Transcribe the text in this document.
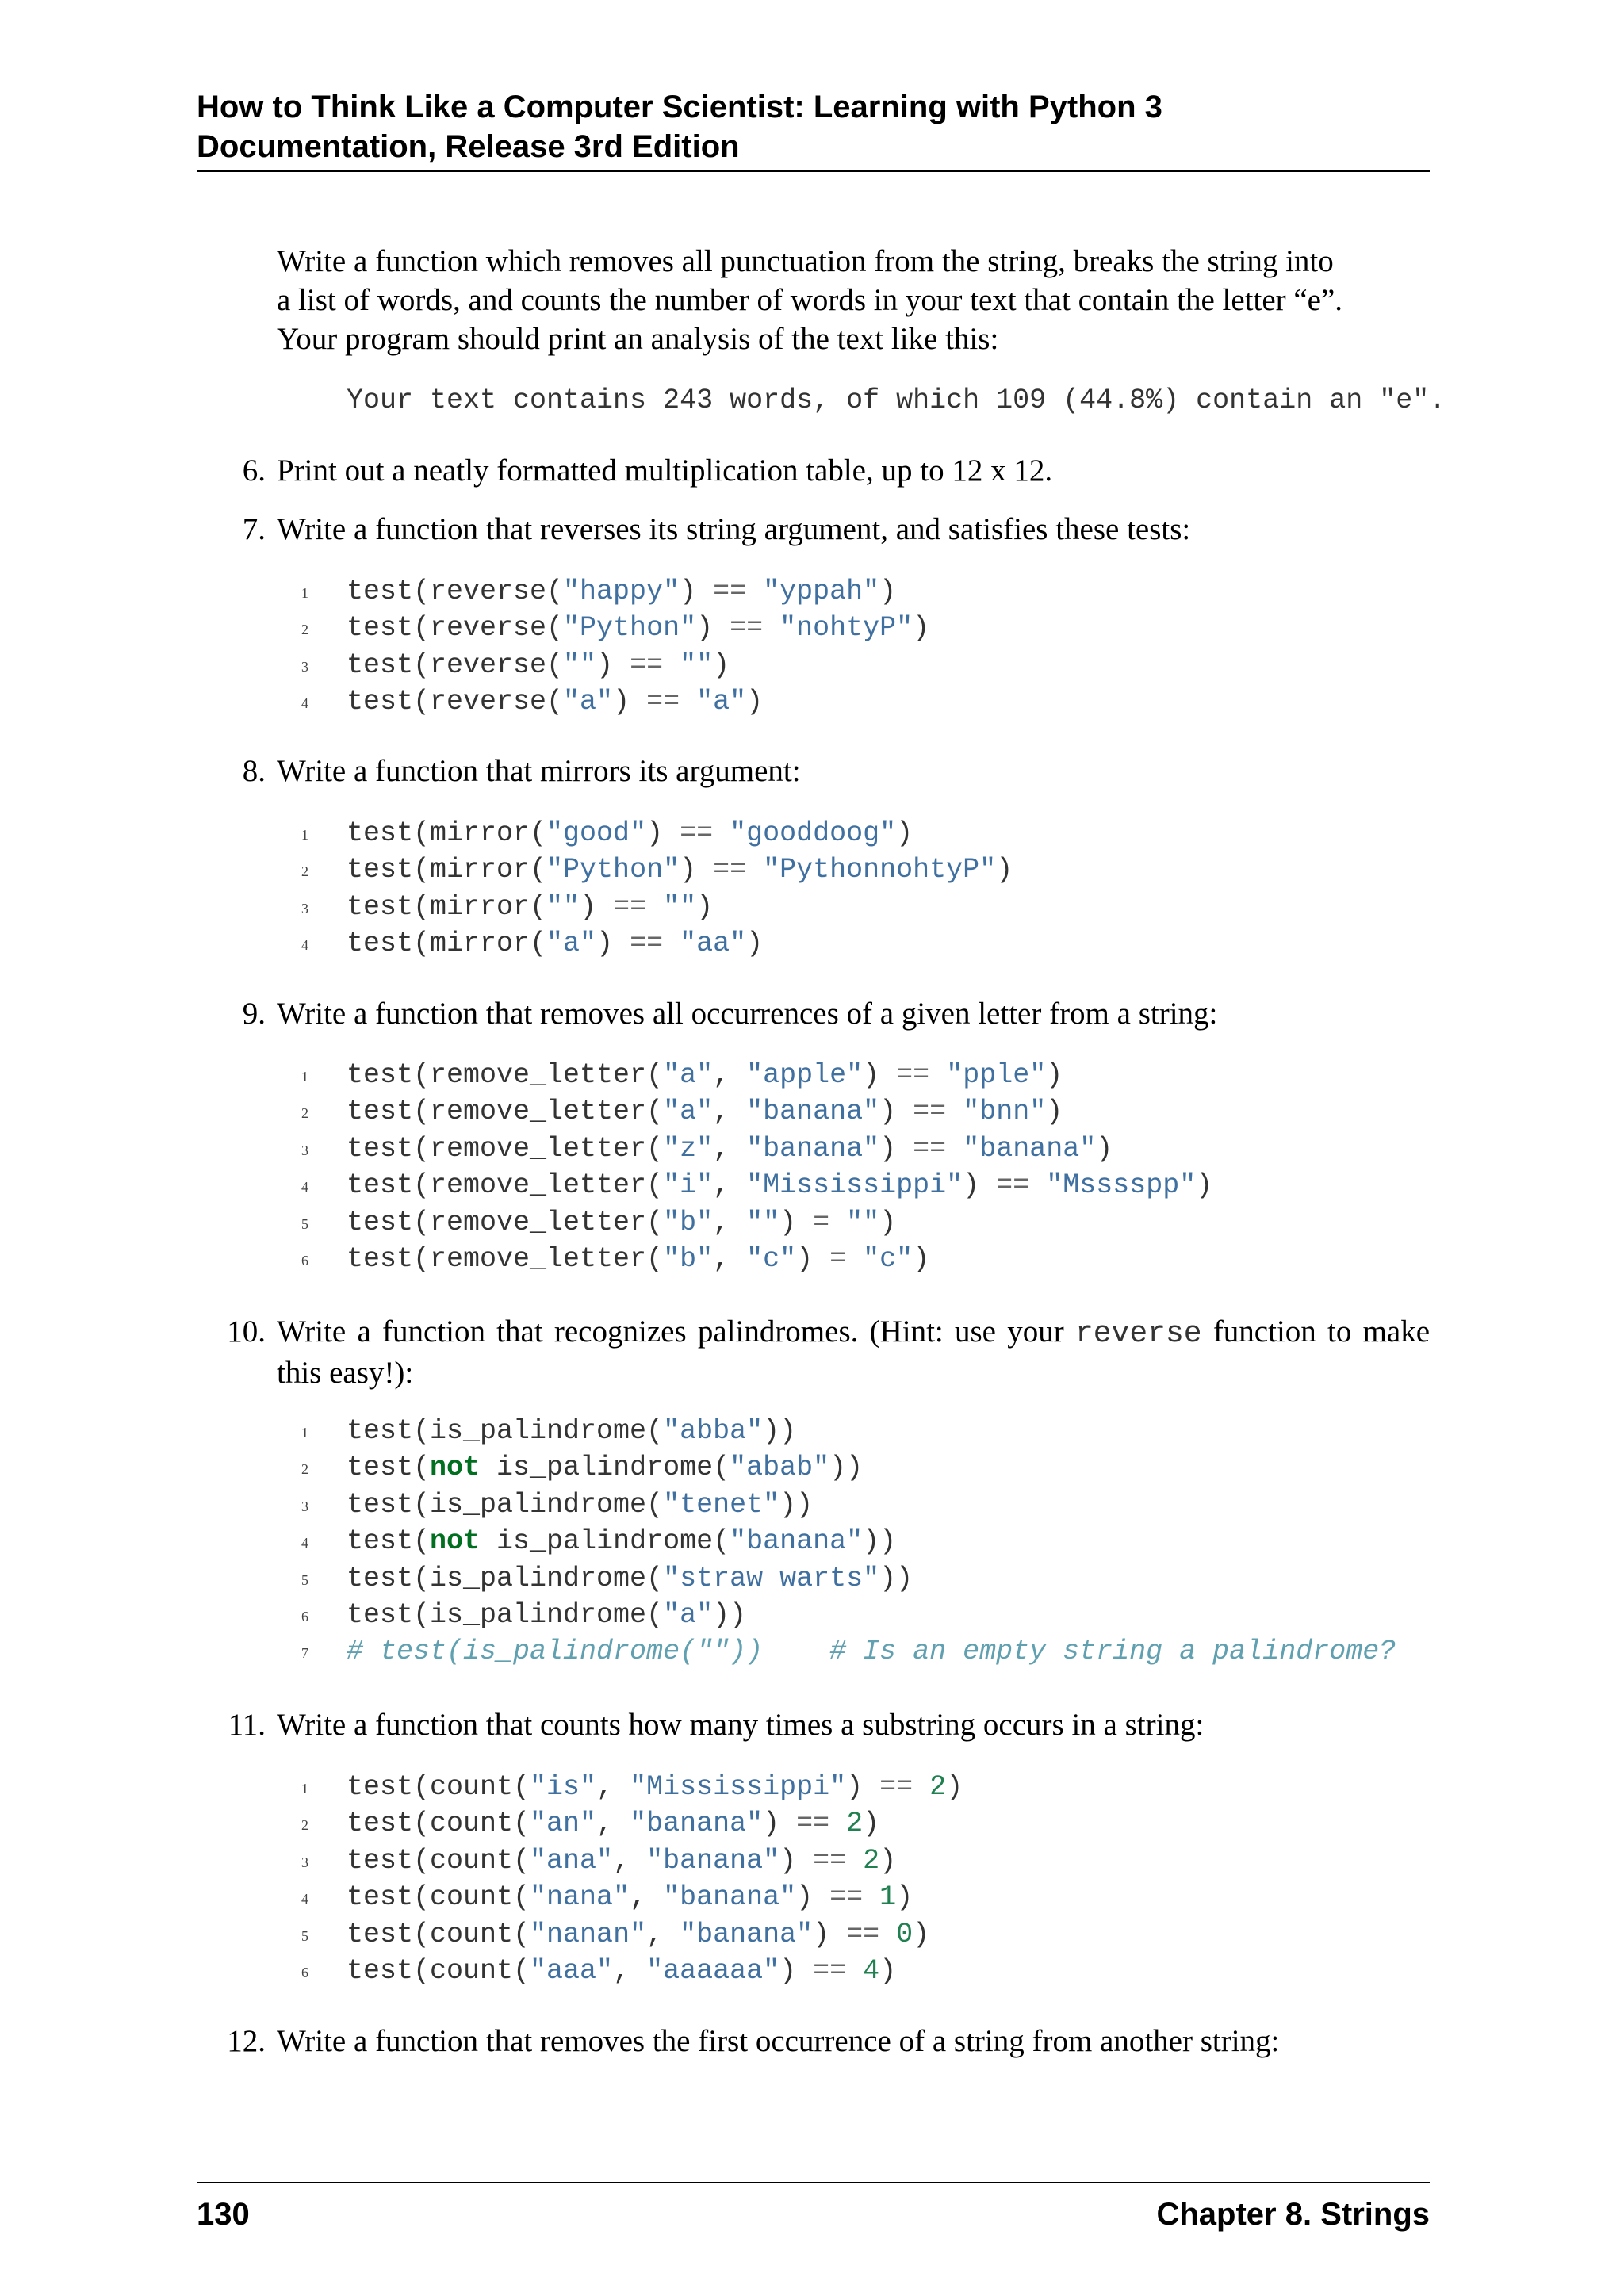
How to Think Like a Computer Scientist: Learning with Python 3
Documentation, Release 3rd Edition
Write a function which removes all punctuation from the string, breaks the string into
a list of words, and counts the number of words in your text that contain the letter “e”.
Your program should print an analysis of the text like this:
Your text contains 243 words, of which 109 (44.8%) contain an "e".
6. Print out a neatly formatted multiplication table, up to 12 x 12.
7. Write a function that reverses its string argument, and satisfies these tests:
1	test(reverse("happy") == "yppah")
2	test(reverse("Python") == "nohtyP")
3	test(reverse("") == "")
4	test(reverse("a") == "a")
8. Write a function that mirrors its argument:
1	test(mirror("good") == "gooddoog")
2	test(mirror("Python") == "PythonnohtyP")
3	test(mirror("") == "")
4	test(mirror("a") == "aa")
9. Write a function that removes all occurrences of a given letter from a string:
1	test(remove_letter("a", "apple") == "pple")
2	test(remove_letter("a", "banana") == "bnn")
3	test(remove_letter("z", "banana") == "banana")
4	test(remove_letter("i", "Mississippi") == "Msssspp")
5	test(remove_letter("b", "") = "")
6	test(remove_letter("b", "c") = "c")
10. Write a function that recognizes palindromes. (Hint: use your reverse function to make this easy!):
1	test(is_palindrome("abba"))
2	test(not is_palindrome("abab"))
3	test(is_palindrome("tenet"))
4	test(not is_palindrome("banana"))
5	test(is_palindrome("straw warts"))
6	test(is_palindrome("a"))
7	# test(is_palindrome(""))    # Is an empty string a palindrome?
11. Write a function that counts how many times a substring occurs in a string:
1	test(count("is", "Mississippi") == 2)
2	test(count("an", "banana") == 2)
3	test(count("ana", "banana") == 2)
4	test(count("nana", "banana") == 1)
5	test(count("nanan", "banana") == 0)
6	test(count("aaa", "aaaaaa") == 4)
12. Write a function that removes the first occurrence of a string from another string:
130	Chapter 8. Strings
